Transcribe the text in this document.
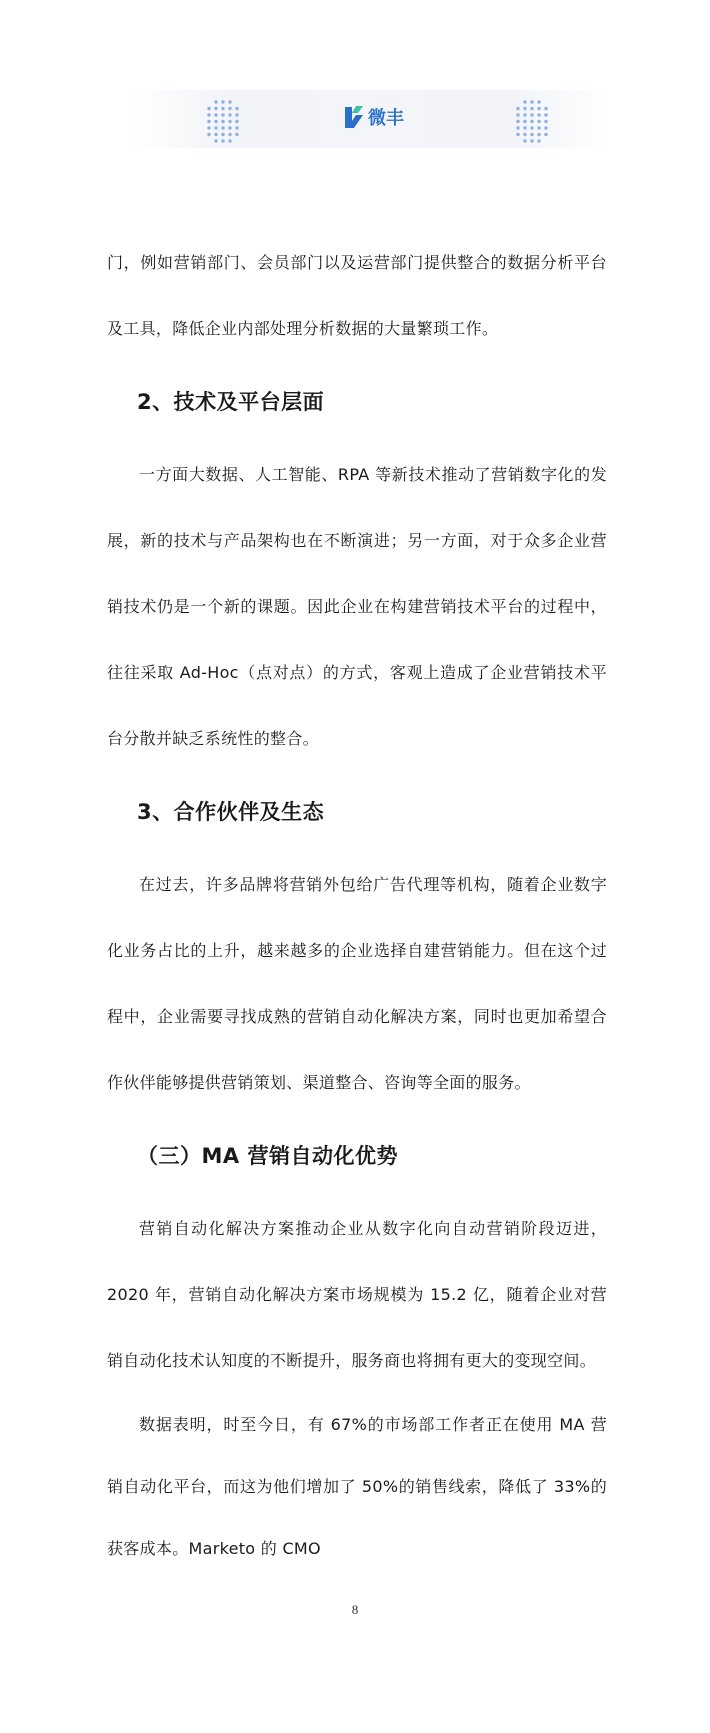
微丰

门，例如营销部门、会员部门以及运营部门提供整合的数据分析平台及工具，降低企业内部处理分析数据的大量繁琐工作。

2、技术及平台层面

一方面大数据、人工智能、RPA 等新技术推动了营销数字化的发展，新的技术与产品架构也在不断演进；另一方面，对于众多企业营销技术仍是一个新的课题。因此企业在构建营销技术平台的过程中，往往采取 Ad-Hoc（点对点）的方式，客观上造成了企业营销技术平台分散并缺乏系统性的整合。

3、合作伙伴及生态

在过去，许多品牌将营销外包给广告代理等机构，随着企业数字化业务占比的上升，越来越多的企业选择自建营销能力。但在这个过程中，企业需要寻找成熟的营销自动化解决方案，同时也更加希望合作伙伴能够提供营销策划、渠道整合、咨询等全面的服务。

（三）MA 营销自动化优势

营销自动化解决方案推动企业从数字化向自动营销阶段迈进，2020 年，营销自动化解决方案市场规模为 15.2 亿，随着企业对营销自动化技术认知度的不断提升，服务商也将拥有更大的变现空间。

数据表明，时至今日，有 67%的市场部工作者正在使用 MA 营销自动化平台，而这为他们增加了 50%的销售线索，降低了 33%的获客成本。Marketo 的 CMO

8
